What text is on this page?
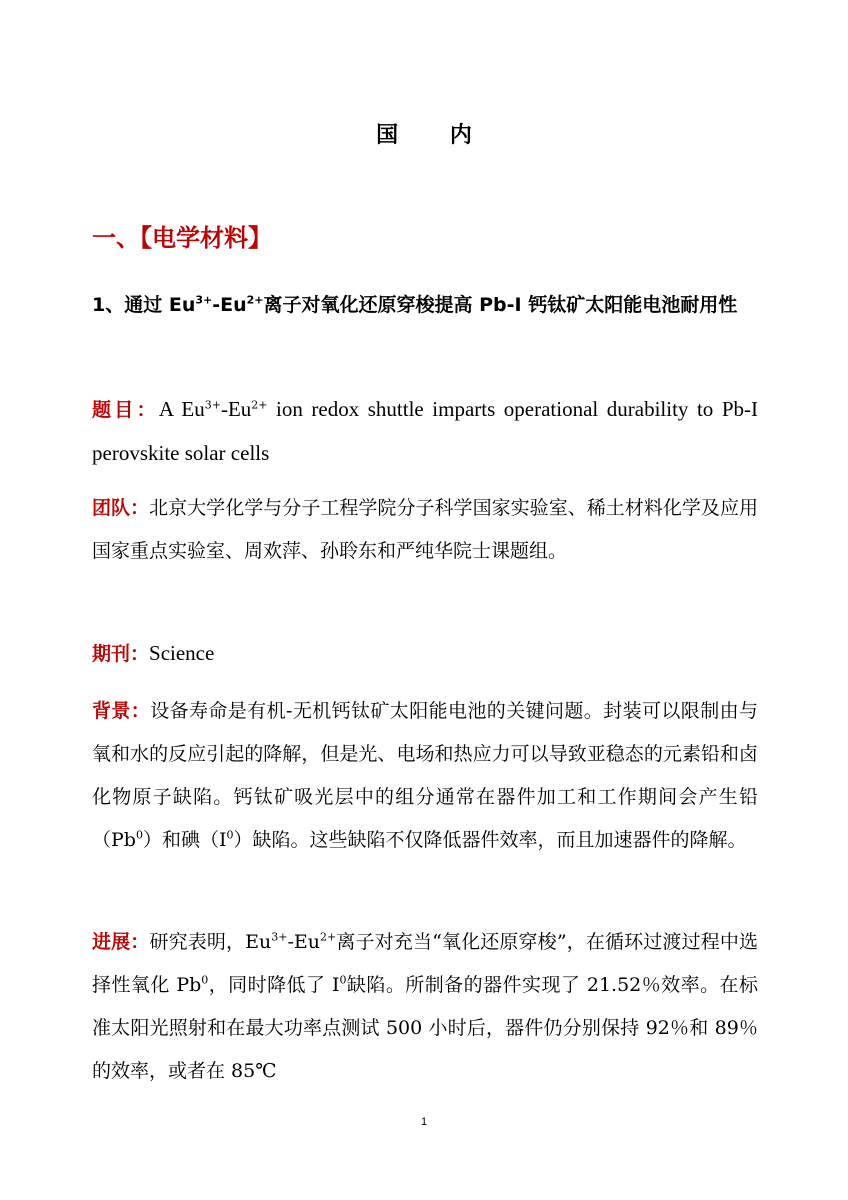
国 内
一、【电学材料】
1、通过 $Eu^{3+}-Eu^{2+}$离子对氧化还原穿梭提高 Pb-I 钙钛矿太阳能电池耐用性
题目：A $Eu^{3+}-Eu^{2+}$ ion redox shuttle imparts operational durability to Pb-I perovskite solar cells
团队：北京大学化学与分子工程学院分子科学国家实验室、稀土材料化学及应用国家重点实验室、周欢萍、孙聆东和严纯华院士课题组。
期刊：Science
背景：设备寿命是有机-无机钙钛矿太阳能电池的关键问题。封装可以限制由与氧和水的反应引起的降解，但是光、电场和热应力可以导致亚稳态的元素铅和卤化物原子缺陷。钙钛矿吸光层中的组分通常在器件加工和工作期间会产生铅（Pb$^0$）和碘$(I^0)$缺陷。这些缺陷不仅降低器件效率，而且加速器件的降解。
进展：研究表明，$Eu^{3+}-Eu^{2+}$离子对充当“氧化还原穿梭”，在循环过渡过程中选择性氧化 Pb$^0$，同时降低了 $I^0$缺陷。所制备的器件实现了 21.52％效率。在标准太阳光照射和在最大功率点测试 500 小时后，器件仍分别保持 92％和 89％的效率，或者在 85℃
1
